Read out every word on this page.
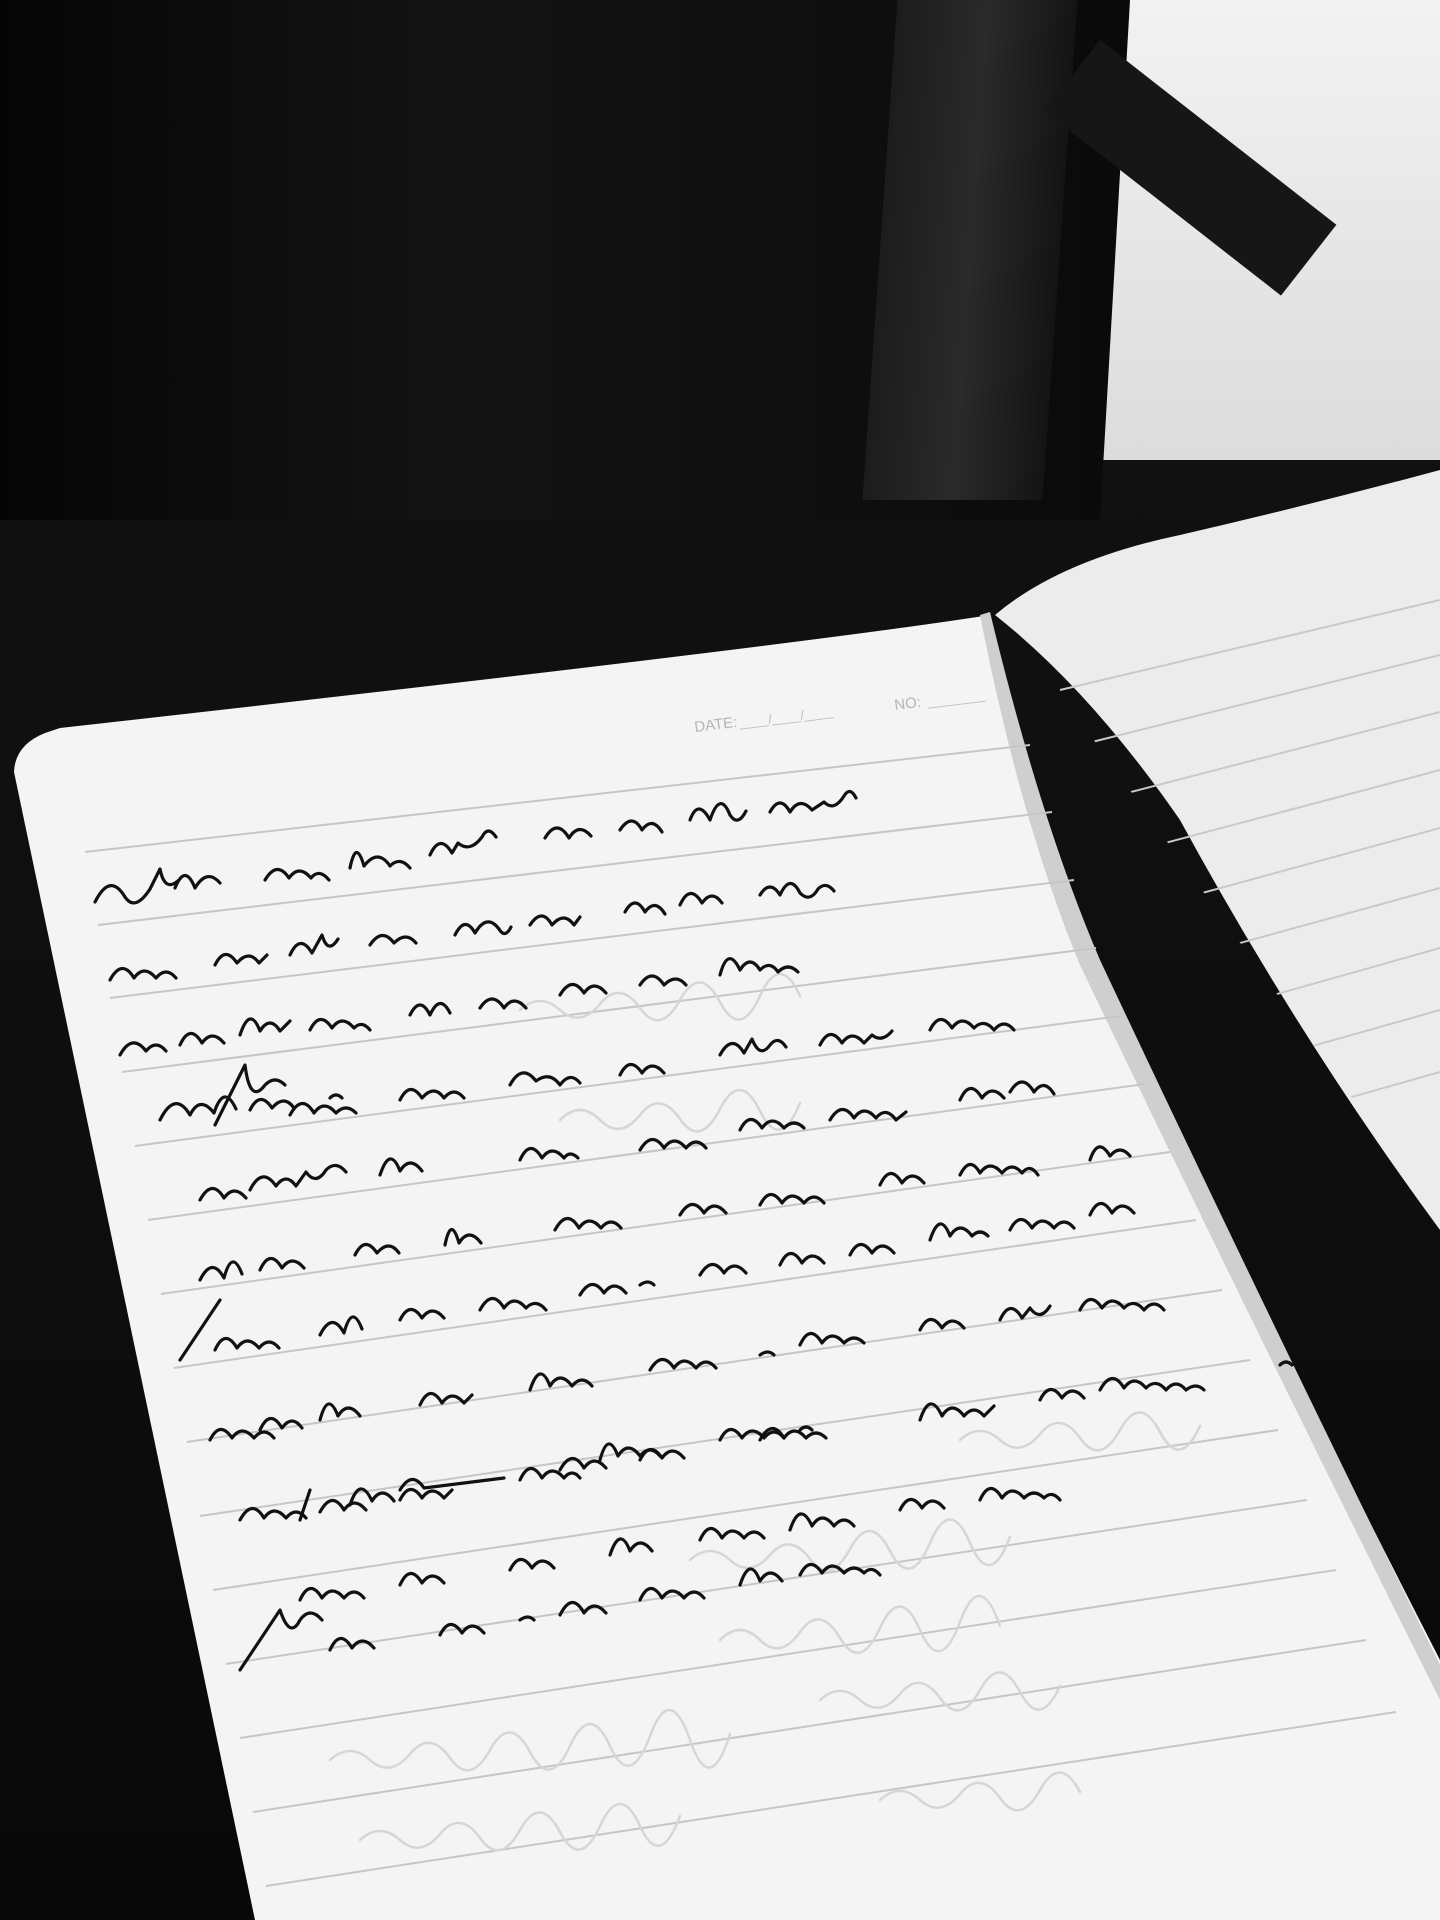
DATE: ____/____/____	NO: ________
